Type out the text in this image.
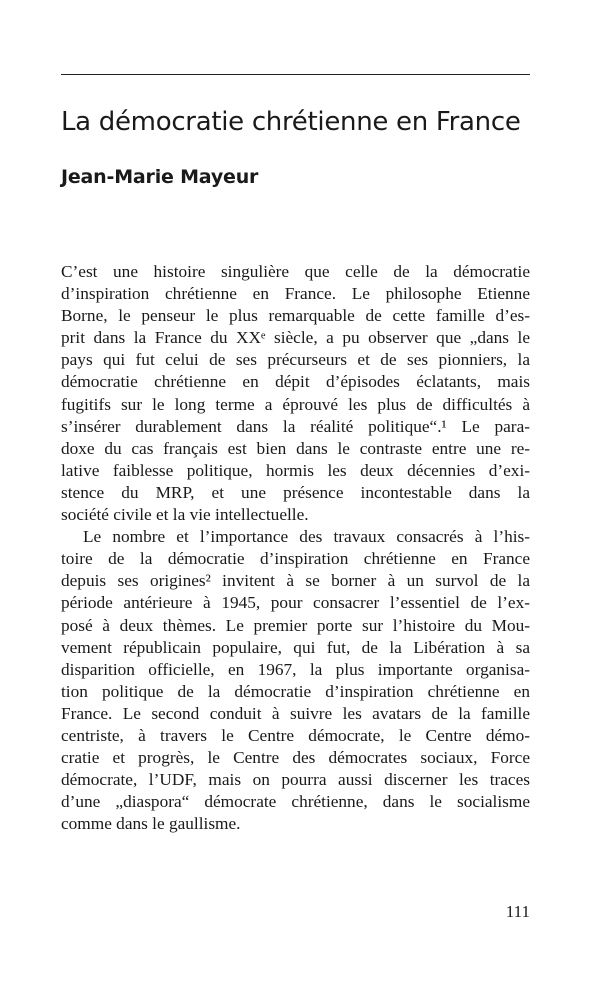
La démocratie chrétienne en France
Jean-Marie Mayeur
C’est une histoire singulière que celle de la démocratie
d’inspiration chrétienne en France. Le philosophe Etienne
Borne, le penseur le plus remarquable de cette famille d’es-
prit dans la France du XXᵉ siècle, a pu observer que „dans le
pays qui fut celui de ses précurseurs et de ses pionniers, la
démocratie chrétienne en dépit d’épisodes éclatants, mais
fugitifs sur le long terme a éprouvé les plus de difficultés à
s’insérer durablement dans la réalité politique“.¹ Le para-
doxe du cas français est bien dans le contraste entre une re-
lative faiblesse politique, hormis les deux décennies d’exi-
stence du MRP, et une présence incontestable dans la
société civile et la vie intellectuelle.
Le nombre et l’importance des travaux consacrés à l’his-
toire de la démocratie d’inspiration chrétienne en France
depuis ses origines² invitent à se borner à un survol de la
période antérieure à 1945, pour consacrer l’essentiel de l’ex-
posé à deux thèmes. Le premier porte sur l’histoire du Mou-
vement républicain populaire, qui fut, de la Libération à sa
disparition officielle, en 1967, la plus importante organisa-
tion politique de la démocratie d’inspiration chrétienne en
France. Le second conduit à suivre les avatars de la famille
centriste, à travers le Centre démocrate, le Centre démo-
cratie et progrès, le Centre des démocrates sociaux, Force
démocrate, l’UDF, mais on pourra aussi discerner les traces
d’une „diaspora“ démocrate chrétienne, dans le socialisme
comme dans le gaullisme.
111
